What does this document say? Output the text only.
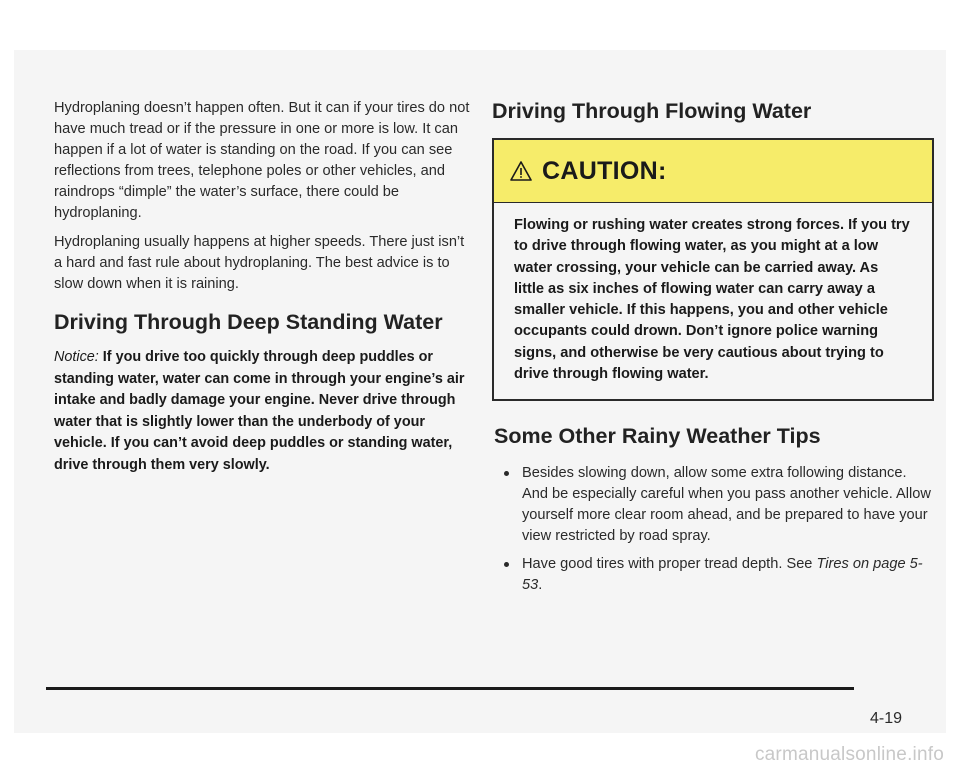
Hydroplaning doesn’t happen often. But it can if your tires do not have much tread or if the pressure in one or more is low. It can happen if a lot of water is standing on the road. If you can see reflections from trees, telephone poles or other vehicles, and raindrops “dimple” the water’s surface, there could be hydroplaning.

Hydroplaning usually happens at higher speeds. There just isn’t a hard and fast rule about hydroplaning. The best advice is to slow down when it is raining.

Driving Through Deep Standing Water

Notice: If you drive too quickly through deep puddles or standing water, water can come in through your engine’s air intake and badly damage your engine. Never drive through water that is slightly lower than the underbody of your vehicle. If you can’t avoid deep puddles or standing water, drive through them very slowly.

Driving Through Flowing Water
CAUTION:
Flowing or rushing water creates strong forces. If you try to drive through flowing water, as you might at a low water crossing, your vehicle can be carried away. As little as six inches of flowing water can carry away a smaller vehicle. If this happens, you and other vehicle occupants could drown. Don’t ignore police warning signs, and otherwise be very cautious about trying to drive through flowing water.
Some Other Rainy Weather Tips
Besides slowing down, allow some extra following distance. And be especially careful when you pass another vehicle. Allow yourself more clear room ahead, and be prepared to have your view restricted by road spray.
Have good tires with proper tread depth. See Tires on page 5-53.
4-19
carmanualsonline.info
